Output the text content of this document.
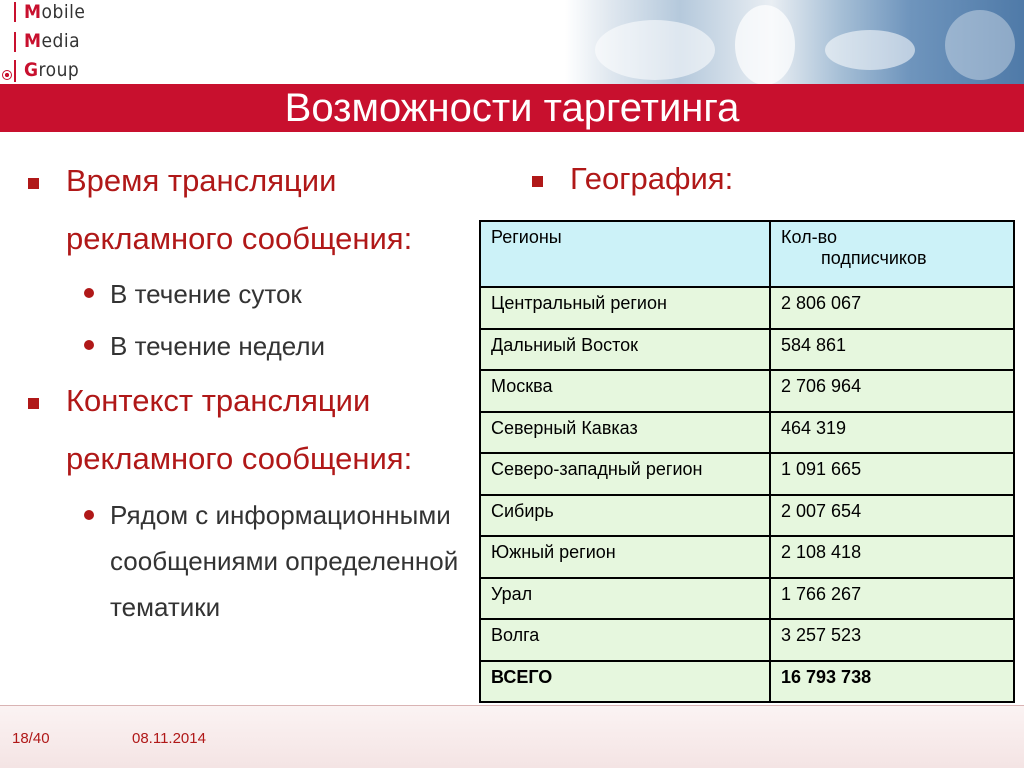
Mobile
Media
Group
Возможности таргетинга
Время трансляции рекламного сообщения:
В течение суток
В течение недели
Контекст трансляции рекламного сообщения:
Рядом с информационными сообщениями определенной тематики
География:
Регионы	Кол-во
подписчиков

Центральный регион	2 806 067
Дальниый Восток	584 861
Москва	2 706 964
Северный Кавказ	464 319
Северо-западный регион	1 091 665
Сибирь	2 007 654
Южный регион	2 108 418
Урал	1 766 267
Волга	3 257 523
ВСЕГО	16 793 738
18/40	08.11.2014
